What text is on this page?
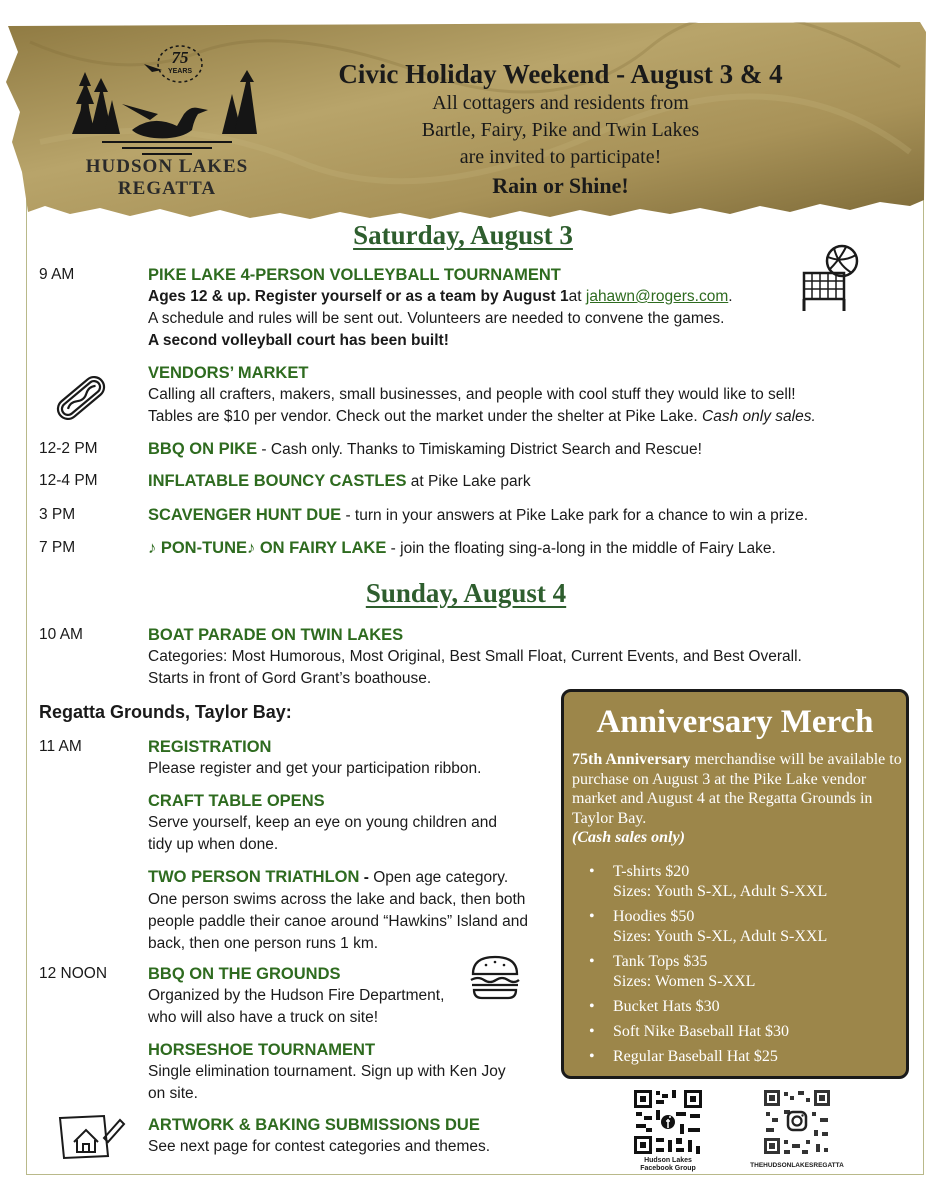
75
YEARS
HUDSON LAKES
REGATTA
Civic Holiday Weekend - August 3 & 4
All cottagers and residents from
Bartle, Fairy, Pike and Twin Lakes
are invited to participate!
Rain or Shine!
Saturday, August 3
9 AM	PIKE LAKE 4-PERSON VOLLEYBALL TOURNAMENT
Ages 12 & up. Register yourself or as a team by August 1at jahawn@rogers.com.
A schedule and rules will be sent out. Volunteers are needed to convene the games.
A second volleyball court has been built!
VENDORS’ MARKET
Calling all crafters, makers, small businesses, and people with cool stuff they would like to sell!
Tables are $10 per vendor. Check out the market under the shelter at Pike Lake. Cash only sales.
12-2 PM	BBQ ON PIKE - Cash only. Thanks to Timiskaming District Search and Rescue!
12-4 PM	INFLATABLE BOUNCY CASTLES at Pike Lake park
3 PM	SCAVENGER HUNT DUE - turn in your answers at Pike Lake park for a chance to win a prize.
7 PM	♪ PON-TUNE♪ ON FAIRY LAKE - join the floating sing-a-long in the middle of Fairy Lake.
Sunday, August 4
10 AM	BOAT PARADE ON TWIN LAKES
Categories: Most Humorous, Most Original, Best Small Float, Current Events, and Best Overall.
Starts in front of Gord Grant’s boathouse.
Regatta Grounds, Taylor Bay:
11 AM	REGISTRATION
Please register and get your participation ribbon.
CRAFT TABLE OPENS
Serve yourself, keep an eye on young children and
tidy up when done.
TWO PERSON TRIATHLON - Open age category.
One person swims across the lake and back, then both
people paddle their canoe around “Hawkins” Island and
back, then one person runs 1 km.
12 NOON	BBQ ON THE GROUNDS
Organized by the Hudson Fire Department,
who will also have a truck on site!
HORSESHOE TOURNAMENT
Single elimination tournament. Sign up with Ken Joy
on site.
ARTWORK & BAKING SUBMISSIONS DUE
See next page for contest categories and themes.
Anniversary Merch
75th Anniversary merchandise will be available to purchase on August 3 at the Pike Lake vendor market and August 4 at the Regatta Grounds in Taylor Bay.
(Cash sales only)
• T-shirts $20
Sizes: Youth S-XL, Adult S-XXL
• Hoodies $50
Sizes: Youth S-XL, Adult S-XXL
• Tank Tops $35
Sizes: Women S-XXL
• Bucket Hats $30
• Soft Nike Baseball Hat $30
• Regular Baseball Hat $25
Hudson Lakes
Facebook Group	THEHUDSONLAKESREGATTA
